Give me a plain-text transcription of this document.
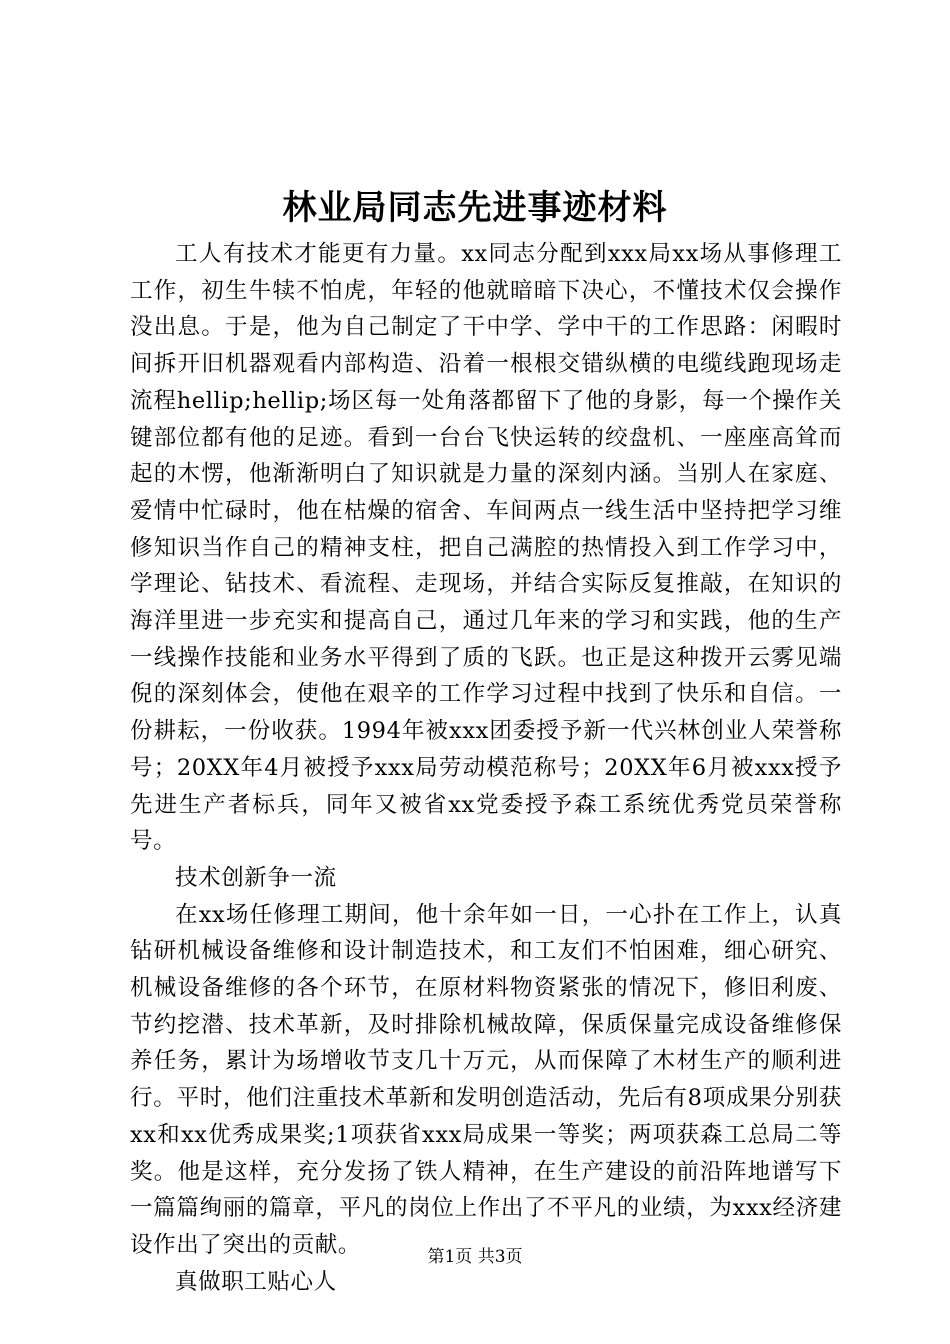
林业局同志先进事迹材料

工人有技术才能更有力量。xx同志分配到xxx局xx场从事修理工工作，初生牛犊不怕虎，年轻的他就暗暗下决心，不懂技术仅会操作没出息。于是，他为自己制定了干中学、学中干的工作思路：闲暇时间拆开旧机器观看内部构造、沿着一根根交错纵横的电缆线跑现场走流程hellip;hellip;场区每一处角落都留下了他的身影，每一个操作关键部位都有他的足迹。看到一台台飞快运转的绞盘机、一座座高耸而起的木愣，他渐渐明白了知识就是力量的深刻内涵。当别人在家庭、爱情中忙碌时，他在枯燥的宿舍、车间两点一线生活中坚持把学习维修知识当作自己的精神支柱，把自己满腔的热情投入到工作学习中，学理论、钻技术、看流程、走现场，并结合实际反复推敲，在知识的海洋里进一步充实和提高自己，通过几年来的学习和实践，他的生产一线操作技能和业务水平得到了质的飞跃。也正是这种拨开云雾见端倪的深刻体会，使他在艰辛的工作学习过程中找到了快乐和自信。一份耕耘，一份收获。1994年被xxx团委授予新一代兴林创业人荣誉称号；20XX年4月被授予xxx局劳动模范称号；20XX年6月被xxx授予先进生产者标兵，同年又被省xx党委授予森工系统优秀党员荣誉称号。

技术创新争一流

在xx场任修理工期间，他十余年如一日，一心扑在工作上，认真钻研机械设备维修和设计制造技术，和工友们不怕困难，细心研究、机械设备维修的各个环节，在原材料物资紧张的情况下，修旧利废、节约挖潜、技术革新，及时排除机械故障，保质保量完成设备维修保养任务，累计为场增收节支几十万元，从而保障了木材生产的顺利进行。平时，他们注重技术革新和发明创造活动，先后有8项成果分别获xx和xx优秀成果奖;1项获省xxx局成果一等奖；两项获森工总局二等奖。他是这样，充分发扬了铁人精神，在生产建设的前沿阵地谱写下一篇篇绚丽的篇章，平凡的岗位上作出了不平凡的业绩，为xxx经济建设作出了突出的贡献。

真做职工贴心人

第1页 共3页
